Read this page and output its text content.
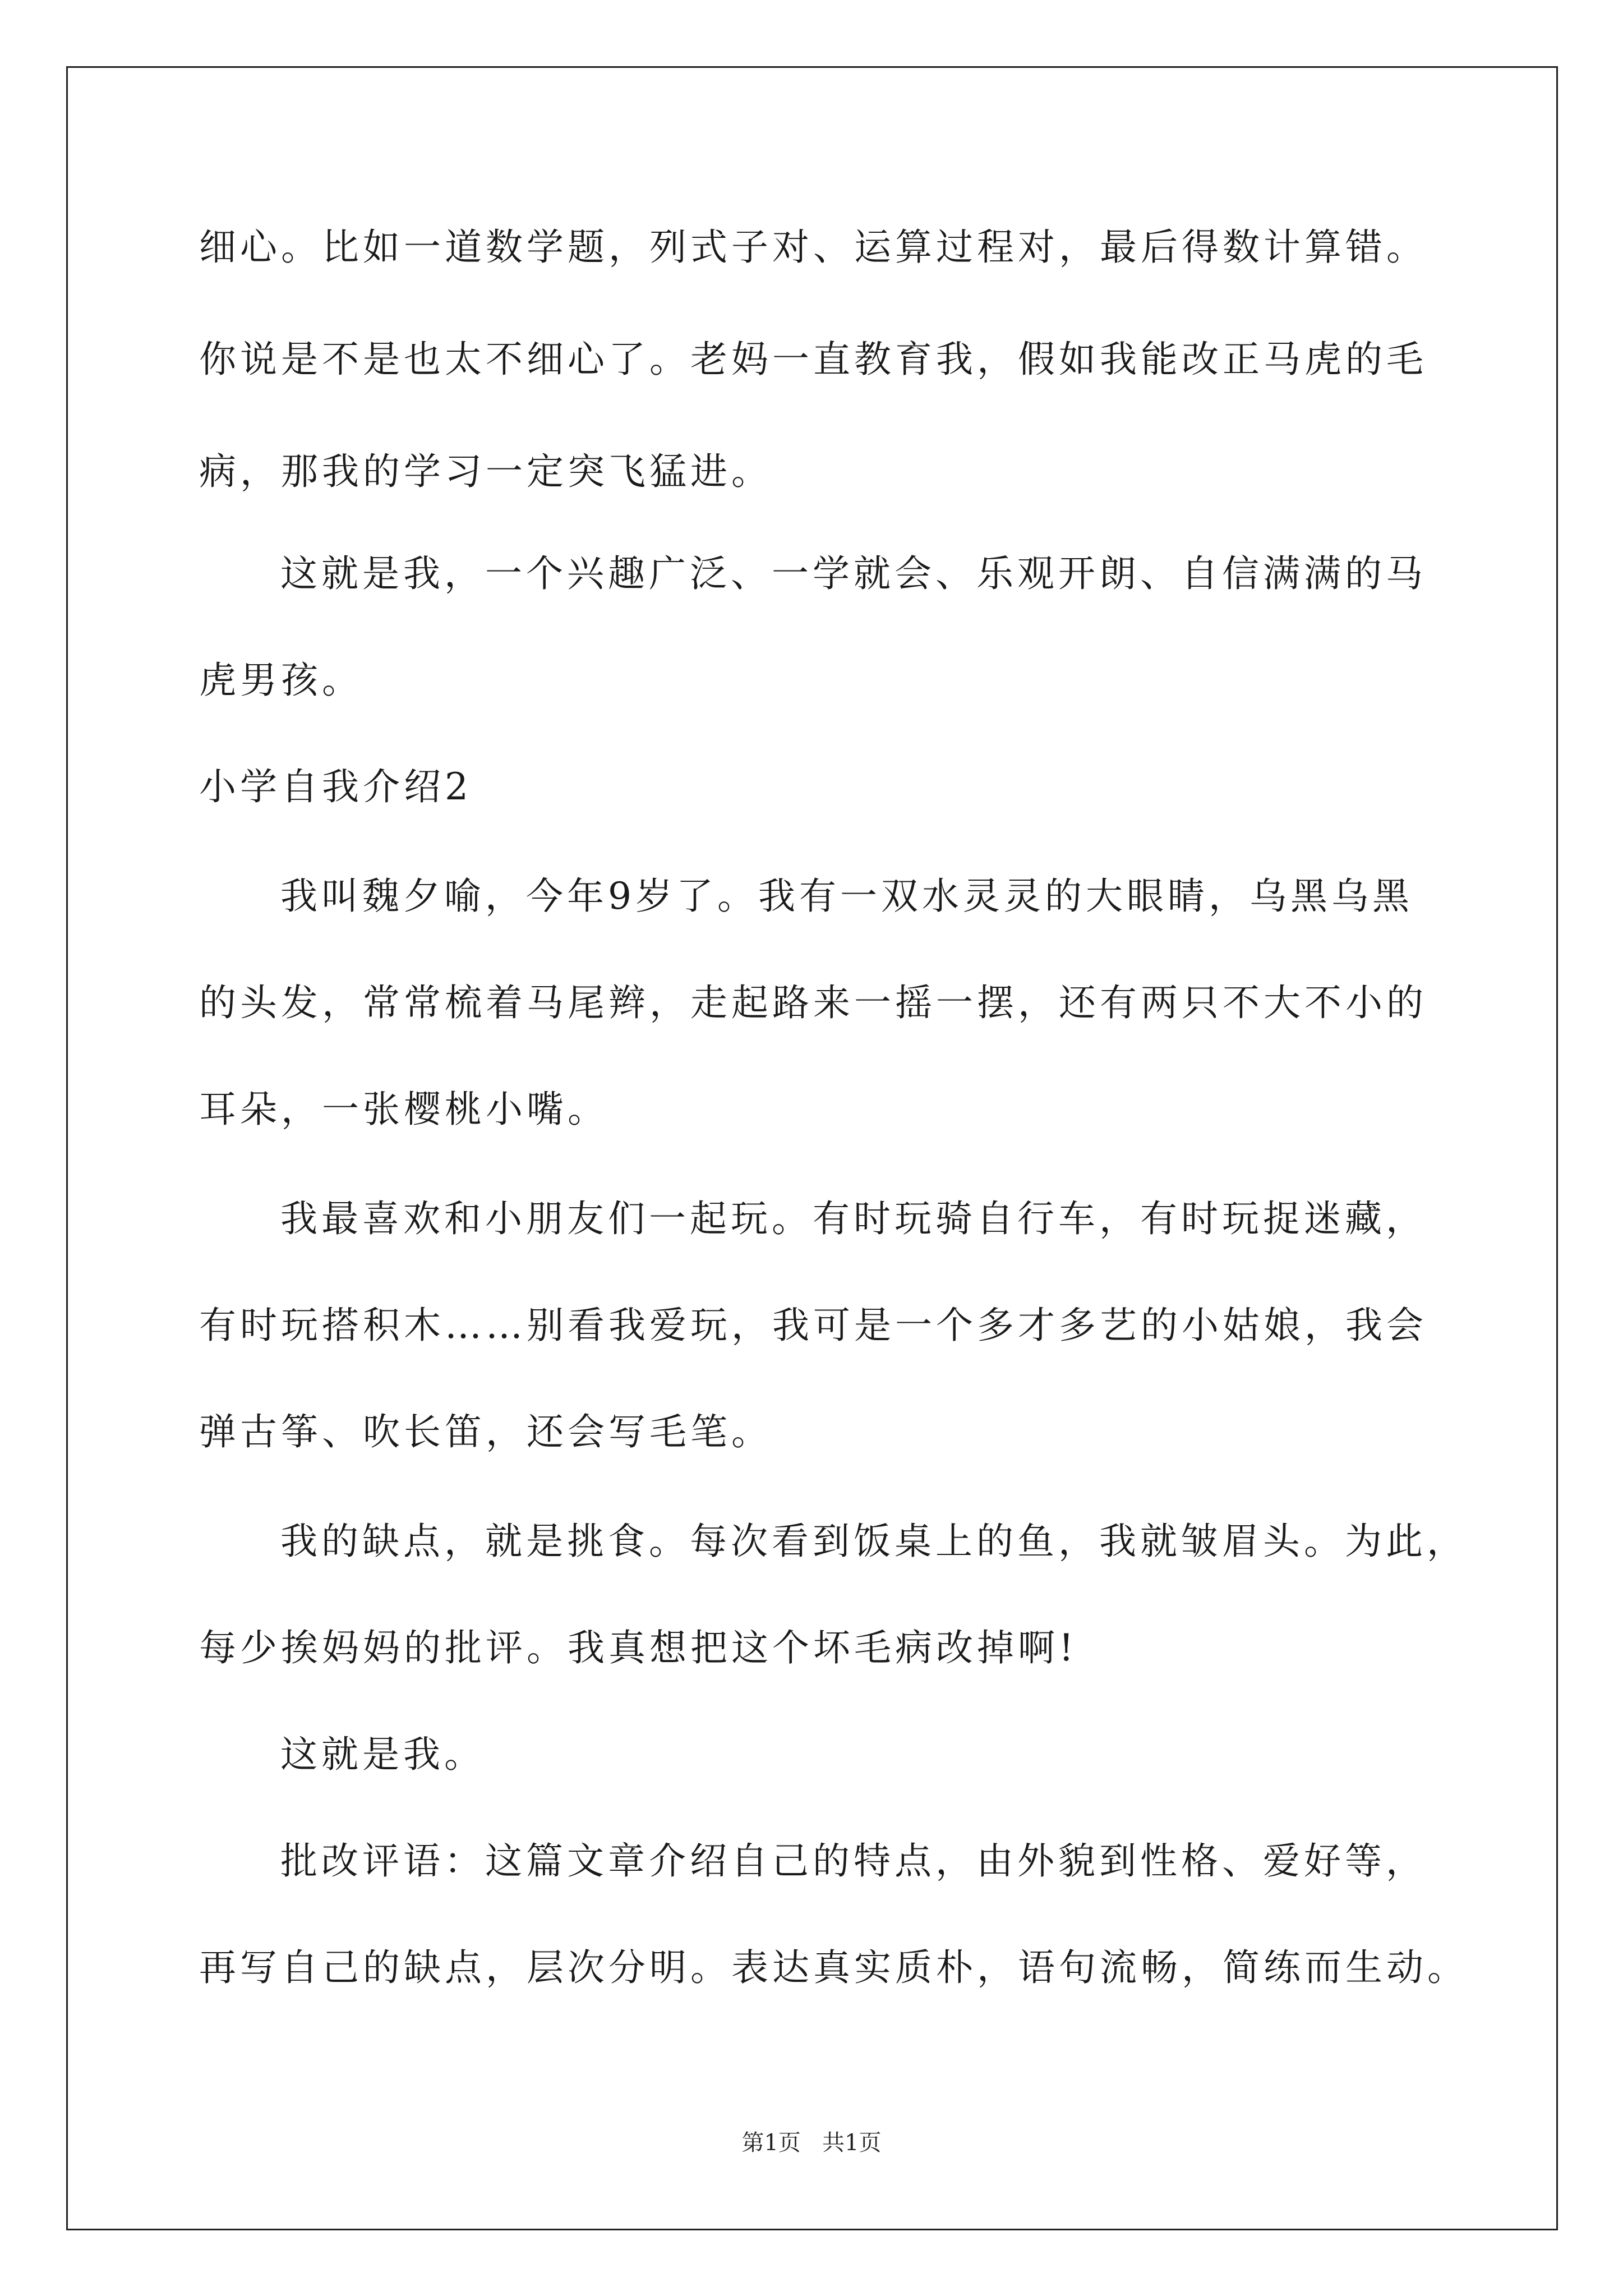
细心。比如一道数学题，列式子对、运算过程对，最后得数计算错。
你说是不是也太不细心了。老妈一直教育我，假如我能改正马虎的毛
病，那我的学习一定突飞猛进。
这就是我，一个兴趣广泛、一学就会、乐观开朗、自信满满的马
虎男孩。
小学自我介绍2
我叫魏夕喻，今年9岁了。我有一双水灵灵的大眼睛，乌黑乌黑
的头发，常常梳着马尾辫，走起路来一摇一摆，还有两只不大不小的
耳朵，一张樱桃小嘴。
我最喜欢和小朋友们一起玩。有时玩骑自行车，有时玩捉迷藏，
有时玩搭积木……别看我爱玩，我可是一个多才多艺的小姑娘，我会
弹古筝、吹长笛，还会写毛笔。
我的缺点，就是挑食。每次看到饭桌上的鱼，我就皱眉头。为此，
每少挨妈妈的批评。我真想把这个坏毛病改掉啊!
这就是我。
批改评语：这篇文章介绍自己的特点，由外貌到性格、爱好等，
再写自己的缺点，层次分明。表达真实质朴，语句流畅，简练而生动。
第1页   共1页
